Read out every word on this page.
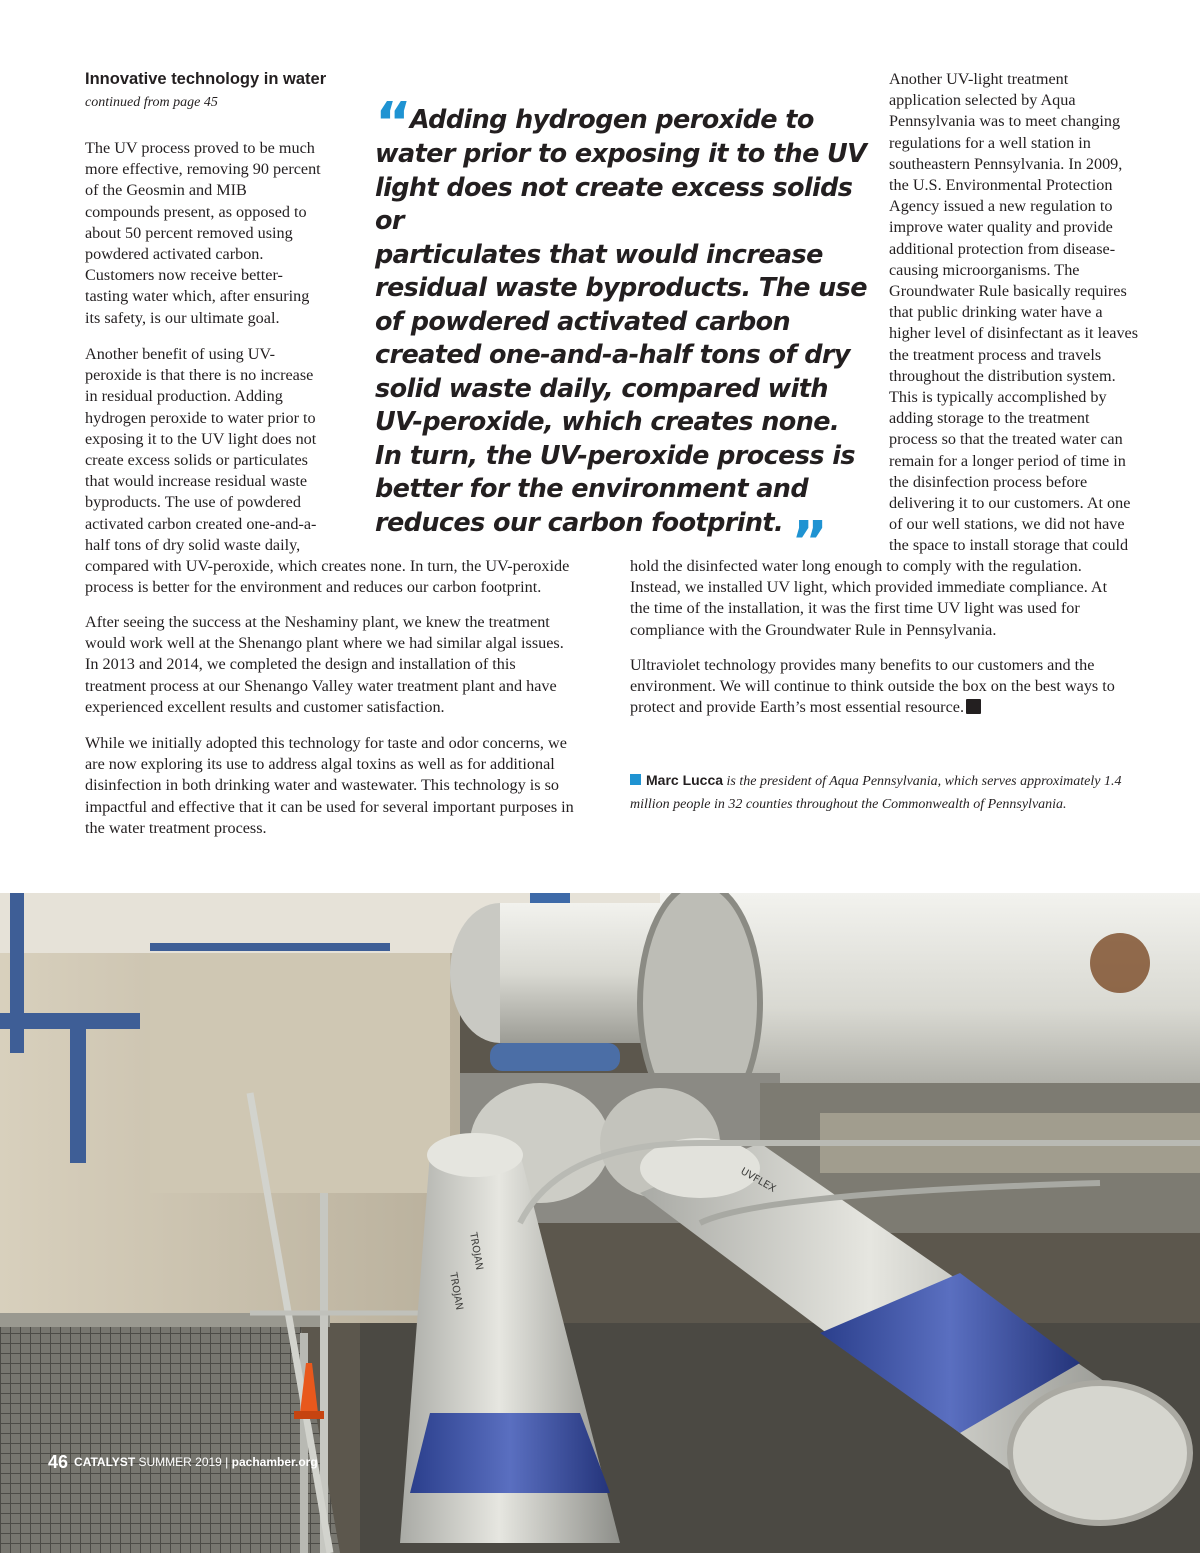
Innovative technology in water
continued from page 45
The UV process proved to be much
more effective, removing 90 percent
of the Geosmin and MIB
compounds present, as opposed to
about 50 percent removed using
powdered activated carbon.
Customers now receive better-
tasting water which, after ensuring
its safety, is our ultimate goal.
Another benefit of using UV-
peroxide is that there is no increase
in residual production. Adding
hydrogen peroxide to water prior to
exposing it to the UV light does not
create excess solids or particulates
that would increase residual waste
byproducts. The use of powdered
activated carbon created one-and-a-
half tons of dry solid waste daily,
compared with UV-peroxide, which creates none. In turn, the UV-peroxide
process is better for the environment and reduces our carbon footprint.
After seeing the success at the Neshaminy plant, we knew the treatment
would work well at the Shenango plant where we had similar algal issues.
In 2013 and 2014, we completed the design and installation of this
treatment process at our Shenango Valley water treatment plant and have
experienced excellent results and customer satisfaction.
While we initially adopted this technology for taste and odor concerns, we
are now exploring its use to address algal toxins as well as for additional
disinfection in both drinking water and wastewater. This technology is so
impactful and effective that it can be used for several important purposes in
the water treatment process.
“ Adding hydrogen peroxide to
water prior to exposing it to the UV
light does not create excess solids or
particulates that would increase
residual waste byproducts. The use
of powdered activated carbon
created one-and-a-half tons of dry
solid waste daily, compared with
UV-peroxide, which creates none.
In turn, the UV-peroxide process is
better for the environment and
reduces our carbon footprint. ”
Another UV-light treatment
application selected by Aqua
Pennsylvania was to meet changing
regulations for a well station in
southeastern Pennsylvania. In 2009,
the U.S. Environmental Protection
Agency issued a new regulation to
improve water quality and provide
additional protection from disease-
causing microorganisms. The
Groundwater Rule basically requires
that public drinking water have a
higher level of disinfectant as it leaves
the treatment process and travels
throughout the distribution system.
This is typically accomplished by
adding storage to the treatment
process so that the treated water can
remain for a longer period of time in
the disinfection process before
delivering it to our customers. At one
of our well stations, we did not have
the space to install storage that could
hold the disinfected water long enough to comply with the regulation.
Instead, we installed UV light, which provided immediate compliance. At
the time of the installation, it was the first time UV light was used for
compliance with the Groundwater Rule in Pennsylvania.
Ultraviolet technology provides many benefits to our customers and the
environment. We will continue to think outside the box on the best ways to
protect and provide Earth’s most essential resource.
Marc Lucca is the president of Aqua Pennsylvania, which serves approximately 1.4
million people in 32 counties throughout the Commonwealth of Pennsylvania.
TROJAN
UVFLEX
TROJAN
46 CATALYST SUMMER 2019 | pachamber.org
